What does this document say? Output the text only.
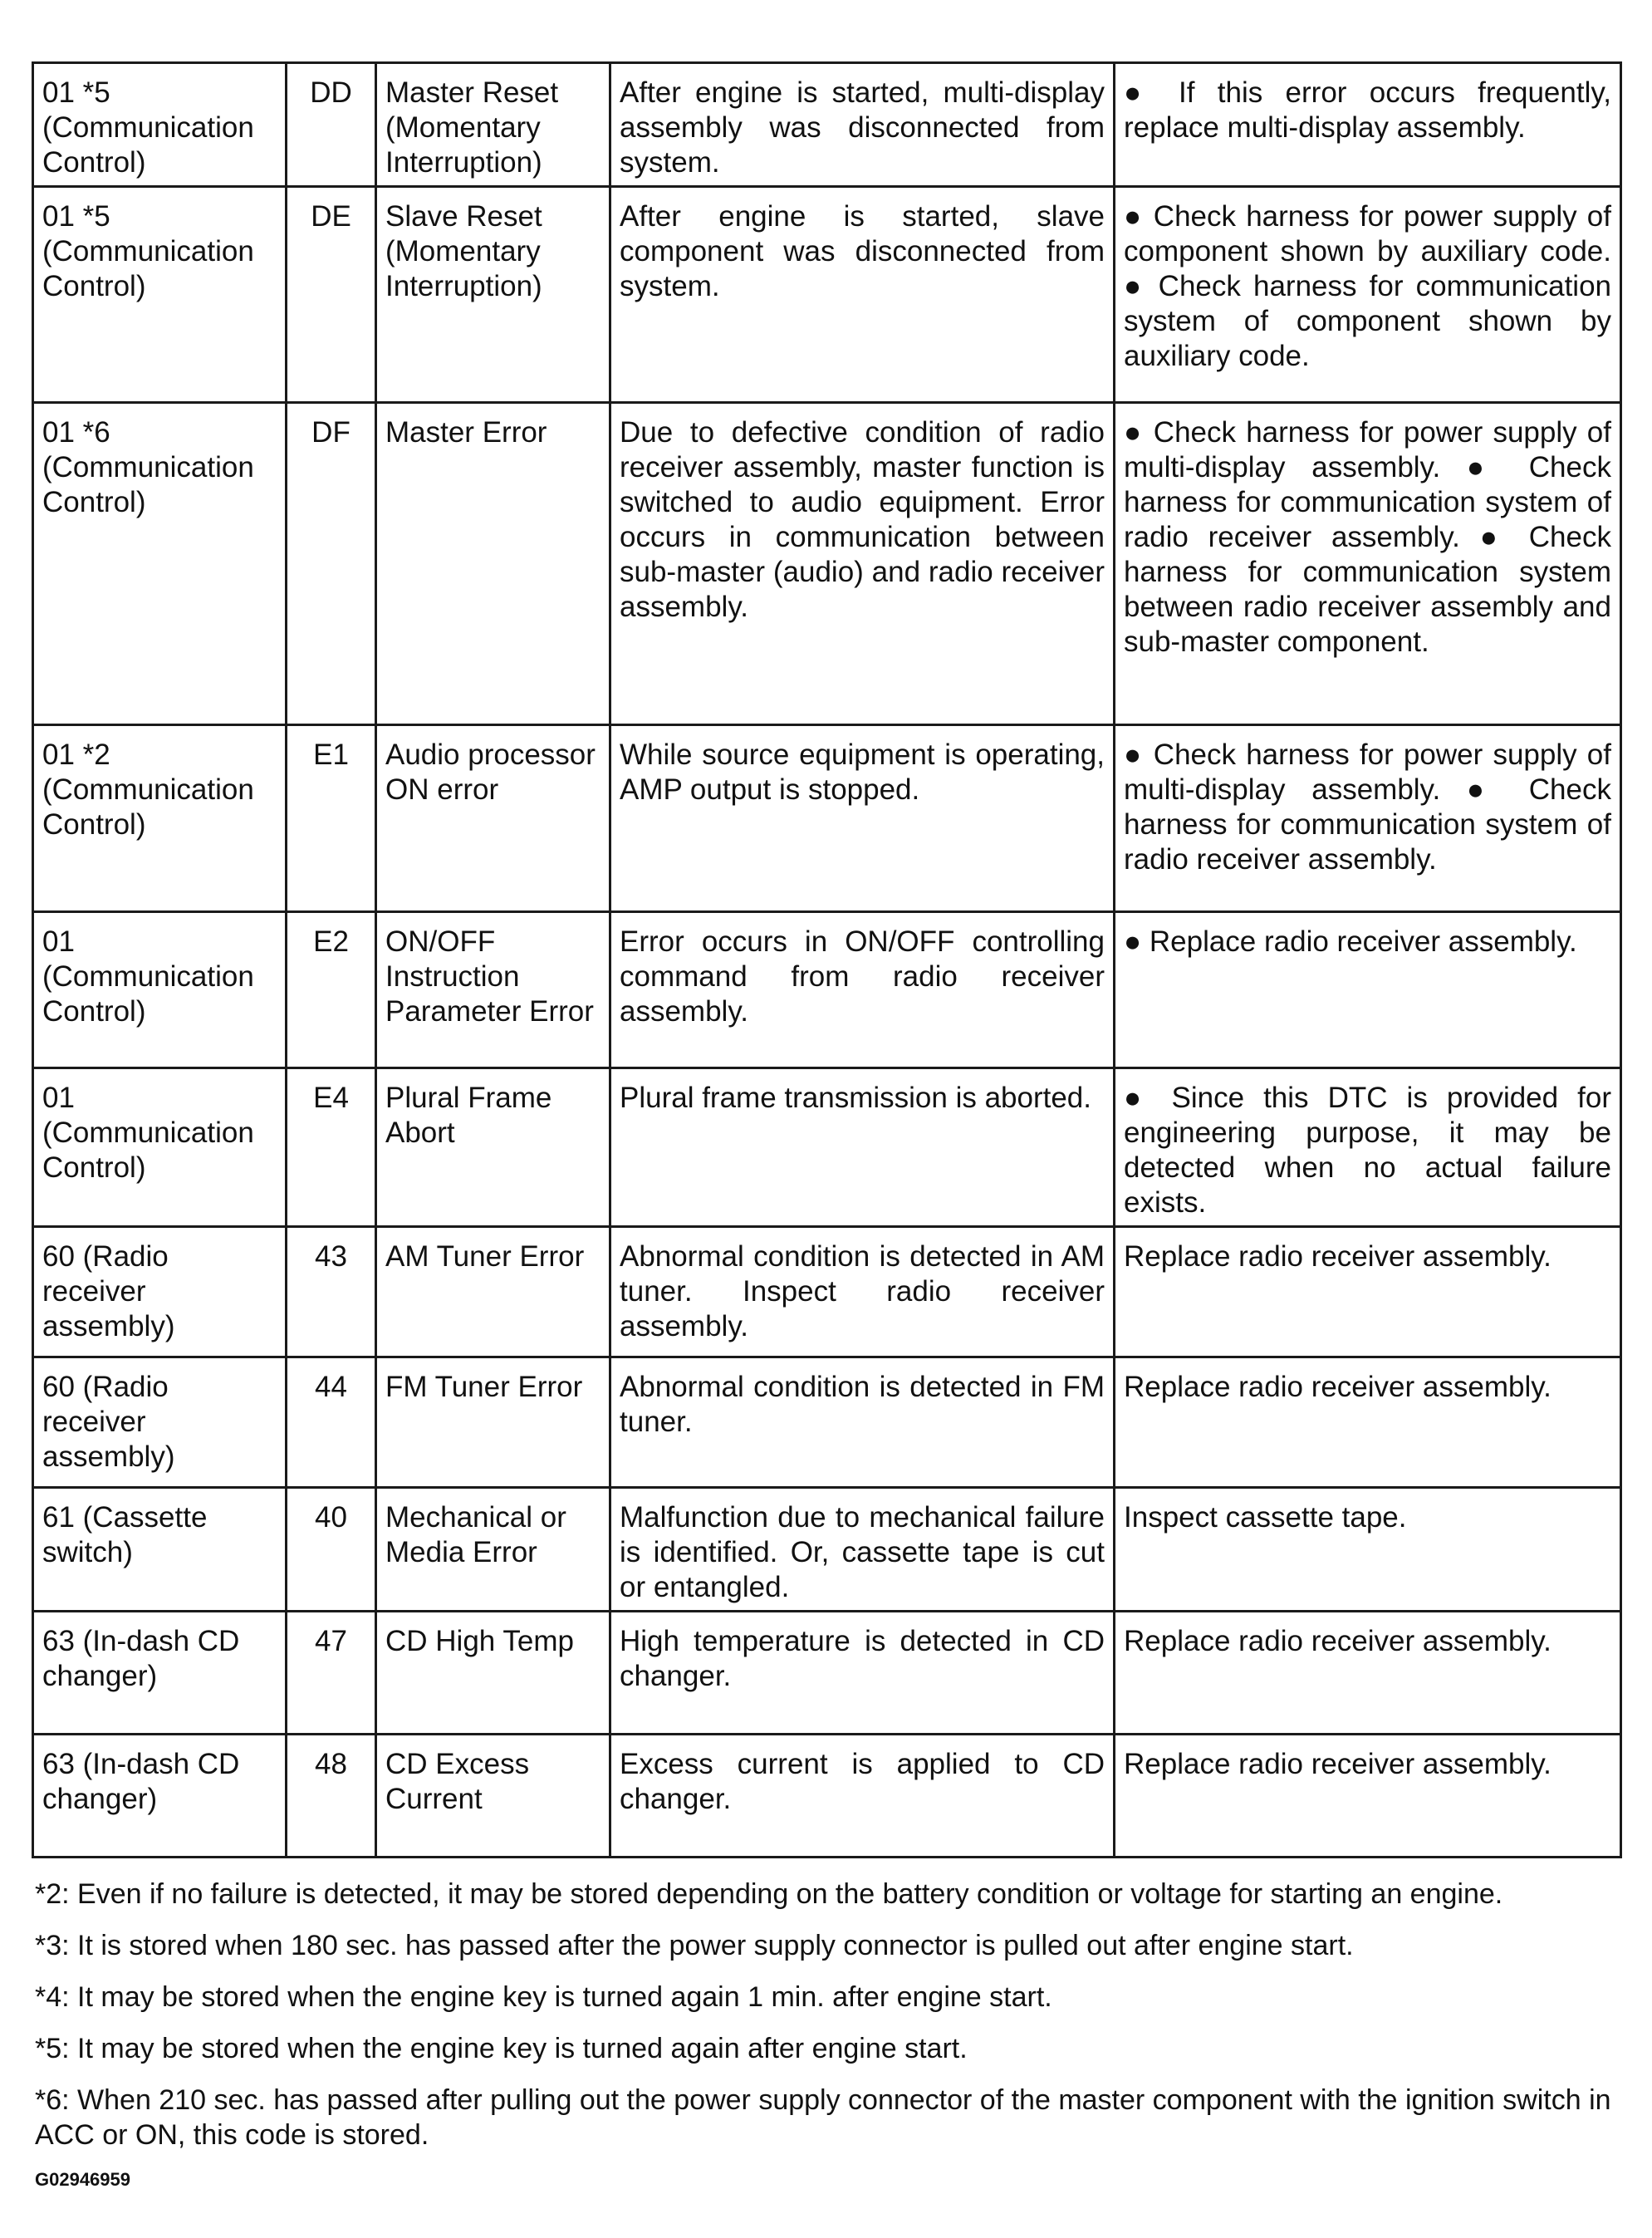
01 *5 (Communication Control)	DD	Master Reset (Momentary Interruption)	After engine is started, multi-display assembly was disconnected from system.	● If this error occurs frequently, replace multi-display assembly.
01 *5 (Communication Control)	DE	Slave Reset (Momentary Interruption)	After engine is started, slave component was disconnected from system.	● Check harness for power supply of component shown by auxiliary code. ● Check harness for communication system of component shown by auxiliary code.
01 *6 (Communication Control)	DF	Master Error	Due to defective condition of radio receiver assembly, master function is switched to audio equipment. Error occurs in communication between sub-master (audio) and radio receiver assembly.	● Check harness for power supply of multi-display assembly. ● Check harness for communication system of radio receiver assembly. ● Check harness for communication system between radio receiver assembly and sub-master component.
01 *2 (Communication Control)	E1	Audio processor ON error	While source equipment is operating, AMP output is stopped.	● Check harness for power supply of multi-display assembly. ● Check harness for communication system of radio receiver assembly.
01 (Communication Control)	E2	ON/OFF Instruction Parameter Error	Error occurs in ON/OFF controlling command from radio receiver assembly.	● Replace radio receiver assembly.
01 (Communication Control)	E4	Plural Frame Abort	Plural frame transmission is aborted.	● Since this DTC is provided for engineering purpose, it may be detected when no actual failure exists.
60 (Radio receiver assembly)	43	AM Tuner Error	Abnormal condition is detected in AM tuner. Inspect radio receiver assembly.	Replace radio receiver assembly.
60 (Radio receiver assembly)	44	FM Tuner Error	Abnormal condition is detected in FM tuner.	Replace radio receiver assembly.
61 (Cassette switch)	40	Mechanical or Media Error	Malfunction due to mechanical failure is identified. Or, cassette tape is cut or entangled.	Inspect cassette tape.
63 (In-dash CD changer)	47	CD High Temp	High temperature is detected in CD changer.	Replace radio receiver assembly.
63 (In-dash CD changer)	48	CD Excess Current	Excess current is applied to CD changer.	Replace radio receiver assembly.
*2: Even if no failure is detected, it may be stored depending on the battery condition or voltage for starting an engine.
*3: It is stored when 180 sec. has passed after the power supply connector is pulled out after engine start.
*4: It may be stored when the engine key is turned again 1 min. after engine start.
*5: It may be stored when the engine key is turned again after engine start.
*6: When 210 sec. has passed after pulling out the power supply connector of the master component with the ignition switch in ACC or ON, this code is stored.
G02946959
